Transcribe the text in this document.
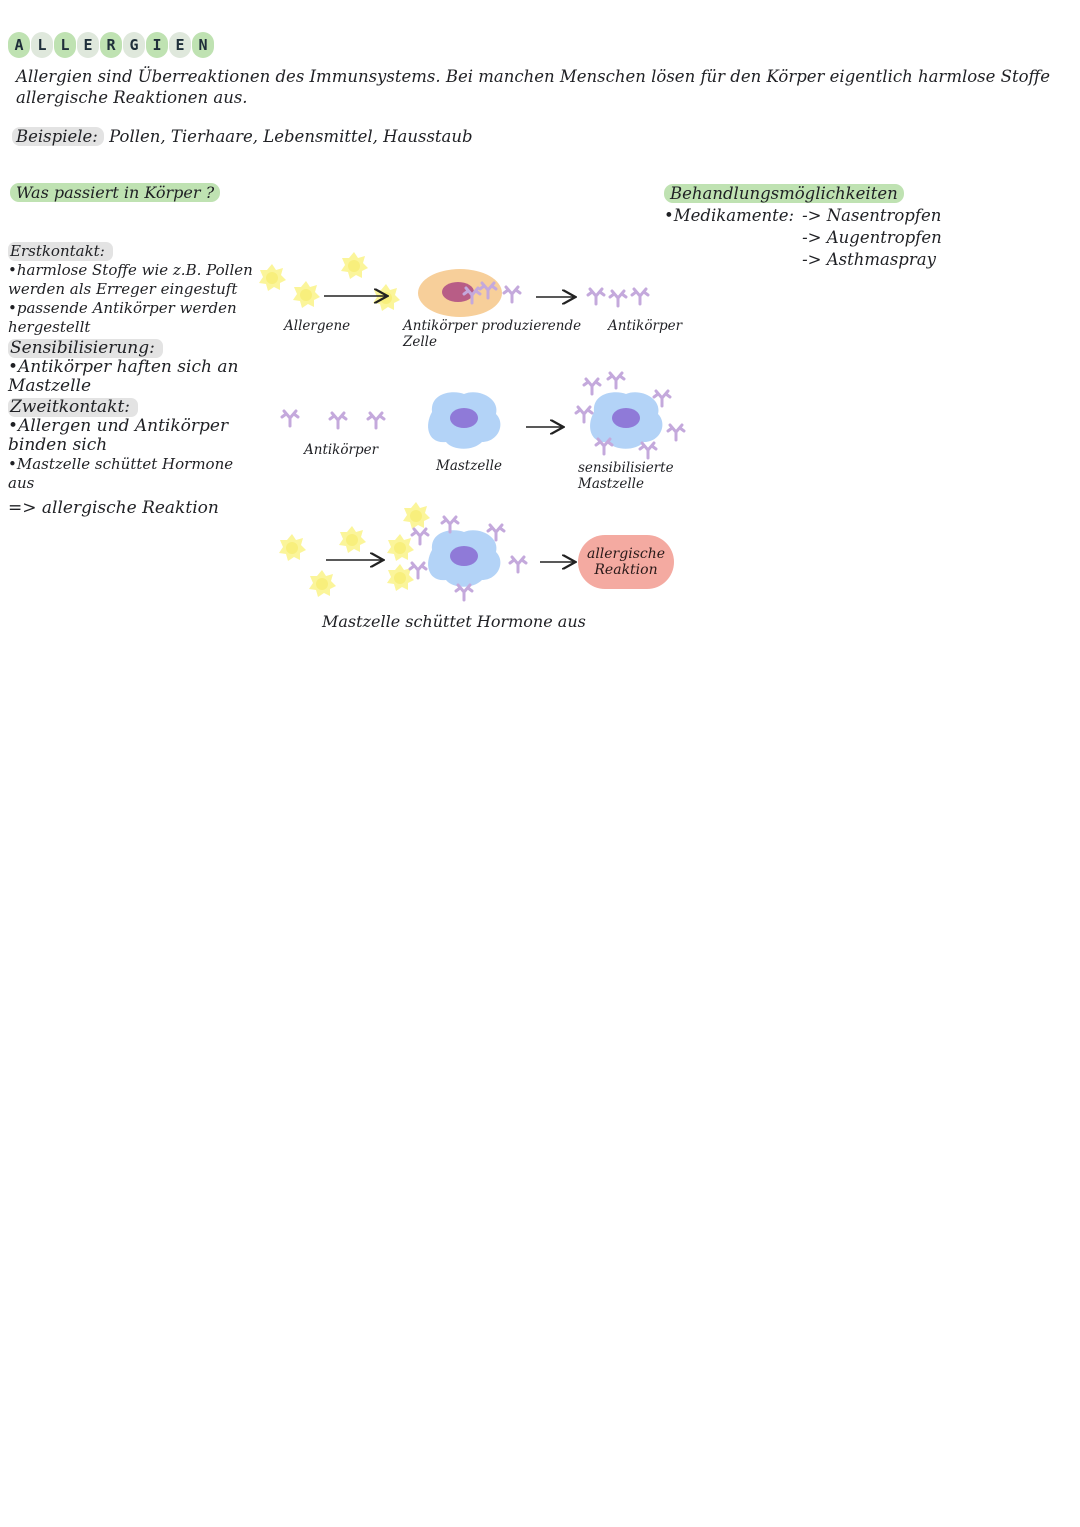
A L L E R G I E N
Allergien sind Überreaktionen des Immunsystems. Bei manchen Menschen lösen für den Körper eigentlich harmlose Stoffe allergische Reaktionen aus.
Beispiele: Pollen, Tierhaare, Lebensmittel, Hausstaub
Was passiert in Körper ?	Behandlungsmöglichkeiten
•Medikamente: -> Nasentropfen
-> Augentropfen
-> Asthmaspray
Erstkontakt:
•harmlose Stoffe wie z.B. Pollen werden als Erreger eingestuft
•passende Antikörper werden hergestellt
Sensibilisierung:
•Antikörper haften sich an Mastzelle
Zweitkontakt:
•Allergen und Antikörper binden sich
•Mastzelle schüttet Hormone aus
=> allergische Reaktion
Allergene	Antikörper produzierende Zelle
Antikörper
Antikörper
Mastzelle	sensibilisierte Mastzelle
allergische Reaktion
Mastzelle schüttet Hormone aus
